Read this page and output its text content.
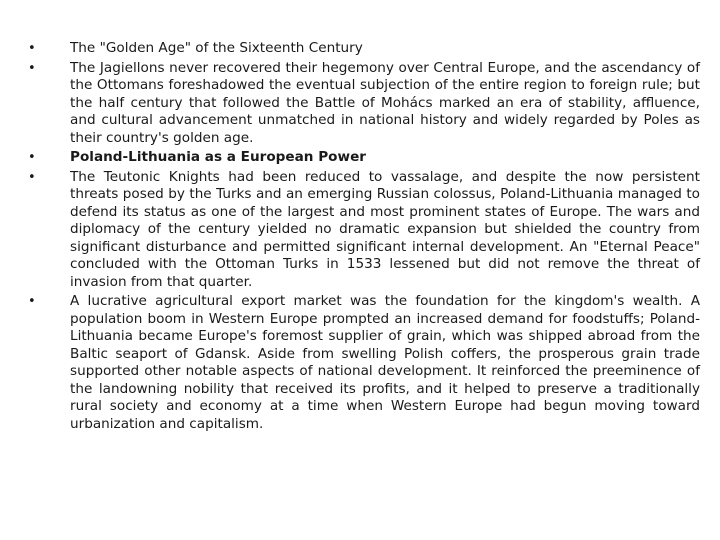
•	The "Golden Age" of the Sixteenth Century
•	The Jagiellons never recovered their hegemony over Central Europe, and the ascendancy of the Ottomans foreshadowed the eventual subjection of the entire region to foreign rule; but the half century that followed the Battle of Mohács marked an era of stability, affluence, and cultural advancement unmatched in national history and widely regarded by Poles as their country's golden age.
•	Poland-Lithuania as a European Power
•	The Teutonic Knights had been reduced to vassalage, and despite the now persistent threats posed by the Turks and an emerging Russian colossus, Poland-Lithuania managed to defend its status as one of the largest and most prominent states of Europe. The wars and diplomacy of the century yielded no dramatic expansion but shielded the country from significant disturbance and permitted significant internal development. An "Eternal Peace" concluded with the Ottoman Turks in 1533 lessened but did not remove the threat of invasion from that quarter.
•	A lucrative agricultural export market was the foundation for the kingdom's wealth. A population boom in Western Europe prompted an increased demand for foodstuffs; Poland-Lithuania became Europe's foremost supplier of grain, which was shipped abroad from the Baltic seaport of Gdansk. Aside from swelling Polish coffers, the prosperous grain trade supported other notable aspects of national development. It reinforced the preeminence of the landowning nobility that received its profits, and it helped to preserve a traditionally rural society and economy at a time when Western Europe had begun moving toward urbanization and capitalism.
